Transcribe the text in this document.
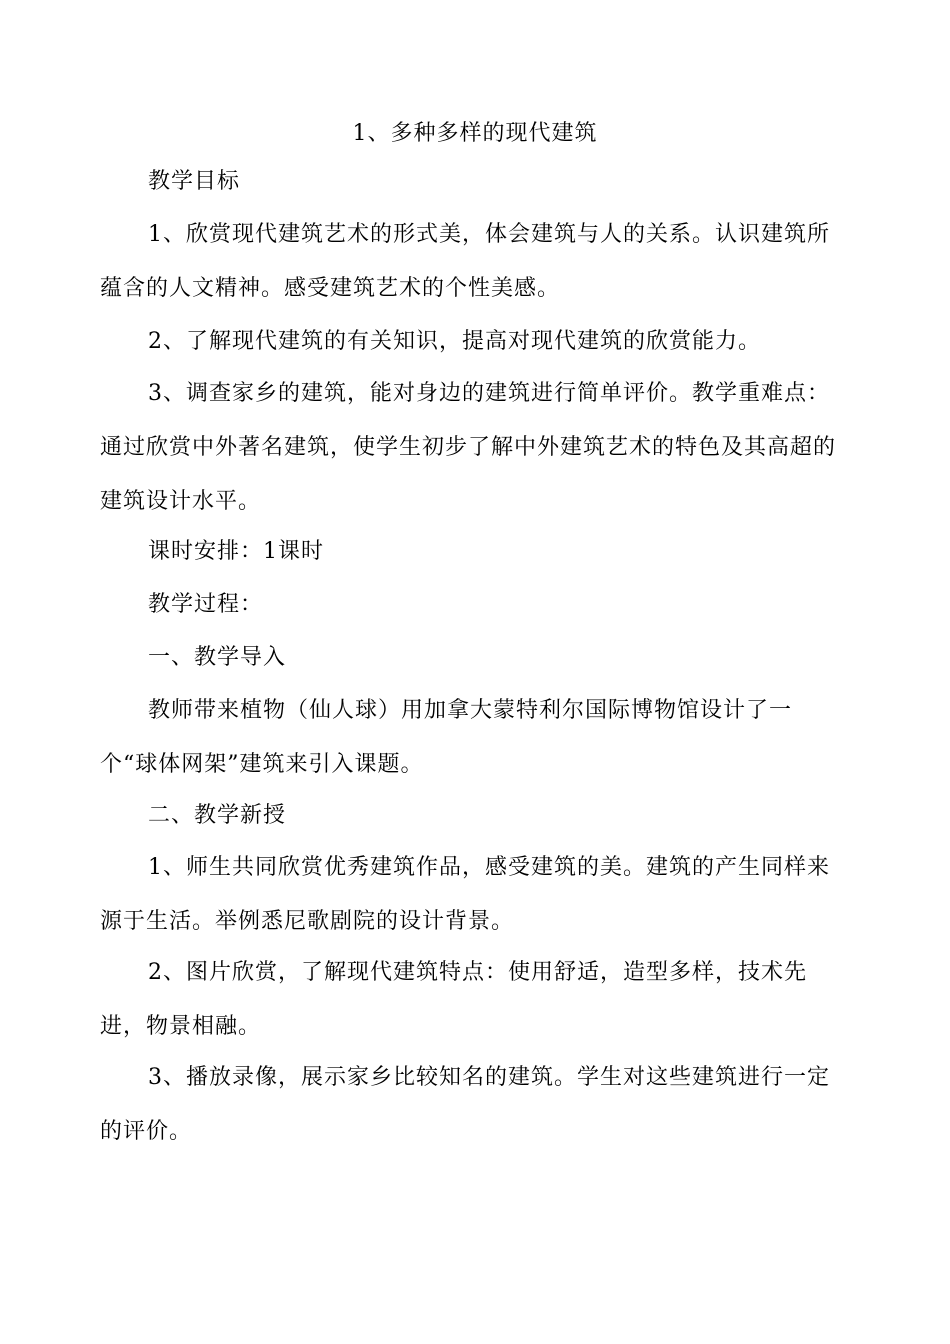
1、多种多样的现代建筑

教学目标

1、欣赏现代建筑艺术的形式美，体会建筑与人的关系。认识建筑所蕴含的人文精神。感受建筑艺术的个性美感。

2、了解现代建筑的有关知识，提高对现代建筑的欣赏能力。

3、调查家乡的建筑，能对身边的建筑进行简单评价。教学重难点：通过欣赏中外著名建筑，使学生初步了解中外建筑艺术的特色及其高超的建筑设计水平。

课时安排：1课时

教学过程：

一、教学导入

教师带来植物（仙人球）用加拿大蒙特利尔国际博物馆设计了一个“球体网架”建筑来引入课题。

二、教学新授

1、师生共同欣赏优秀建筑作品，感受建筑的美。建筑的产生同样来源于生活。举例悉尼歌剧院的设计背景。

2、图片欣赏，了解现代建筑特点：使用舒适，造型多样，技术先进，物景相融。

3、播放录像，展示家乡比较知名的建筑。学生对这些建筑进行一定的评价。
